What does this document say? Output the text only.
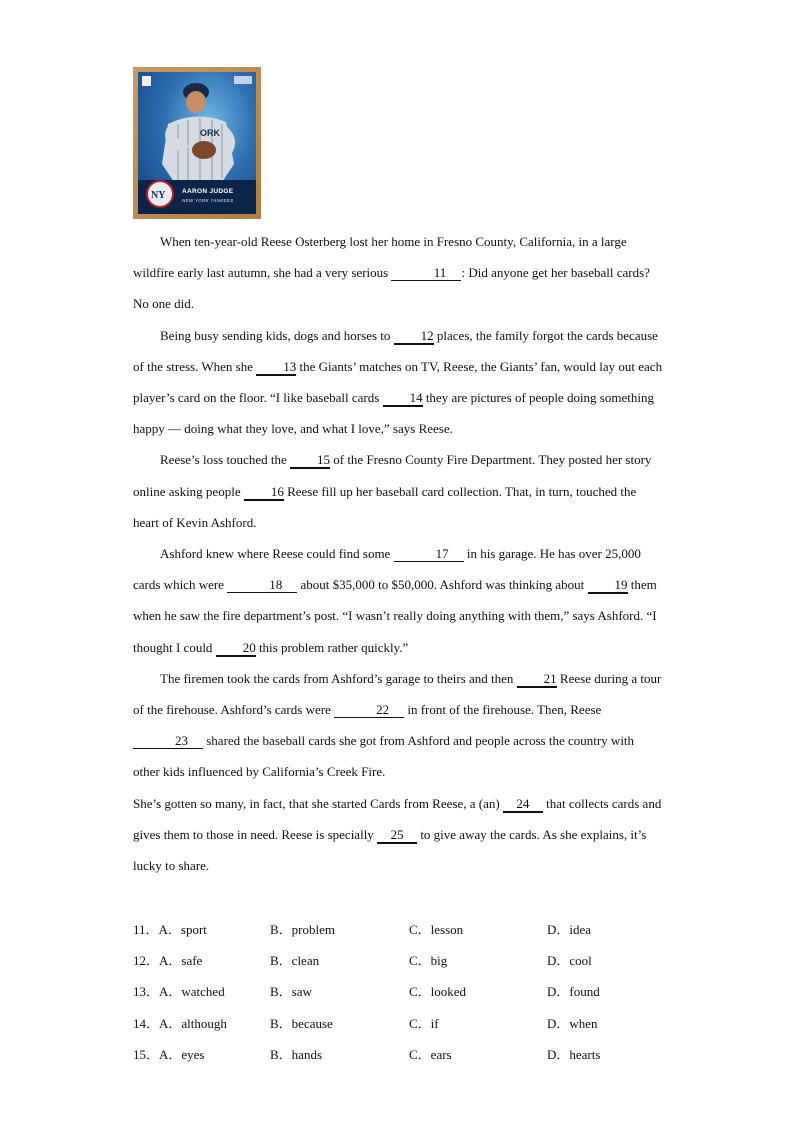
ORK
NY	AARON JUDGE
NEW YORK YANKEES

When ten-year-old Reese Osterberg lost her home in Fresno County, California, in a large wildfire early last autumn, she had a very serious	11 : Did anyone get her baseball cards? No one did.

Being busy sending kids, dogs and horses to 12 places, the family forgot the cards because of the stress. When she 13 the Giants’ matches on TV, Reese, the Giants’ fan, would lay out each player’s card on the floor. “I like baseball cards 14 they are pictures of people doing something happy — doing what they love, and what I love,” says Reese.

Reese’s loss touched the 15 of the Fresno County Fire Department. They posted her story online asking people 16 Reese fill up her baseball card collection. That, in turn, touched the heart of Kevin Ashford.

Ashford knew where Reese could find some	17 in his garage. He has over 25,000 cards which were	18 about $35,000 to $50,000. Ashford was thinking about 19 them when he saw the fire department’s post. “I wasn’t really doing anything with them,” says Ashford. “I thought I could 20 this problem rather quickly.”

The firemen took the cards from Ashford’s garage to theirs and then 21 Reese during a tour of the firehouse. Ashford’s cards were	22 in front of the firehouse. Then, Reese 23 shared the baseball cards she got from Ashford and people across the country with other kids influenced by California’s Creek Fire.

She’s gotten so many, in fact, that she started Cards from Reese, a (an) 24 that collects cards and gives them to those in need. Reese is specially 25 to give away the cards. As she explains, it’s lucky to share.

11．A．sport	B．problem	C．lesson	D．idea
12．A．safe	B．clean	C．big	D．cool
13．A．watched	B．saw	C．looked	D．found
14．A．although	B．because	C．if	D．when
15．A．eyes	B．hands	C．ears	D．hearts
